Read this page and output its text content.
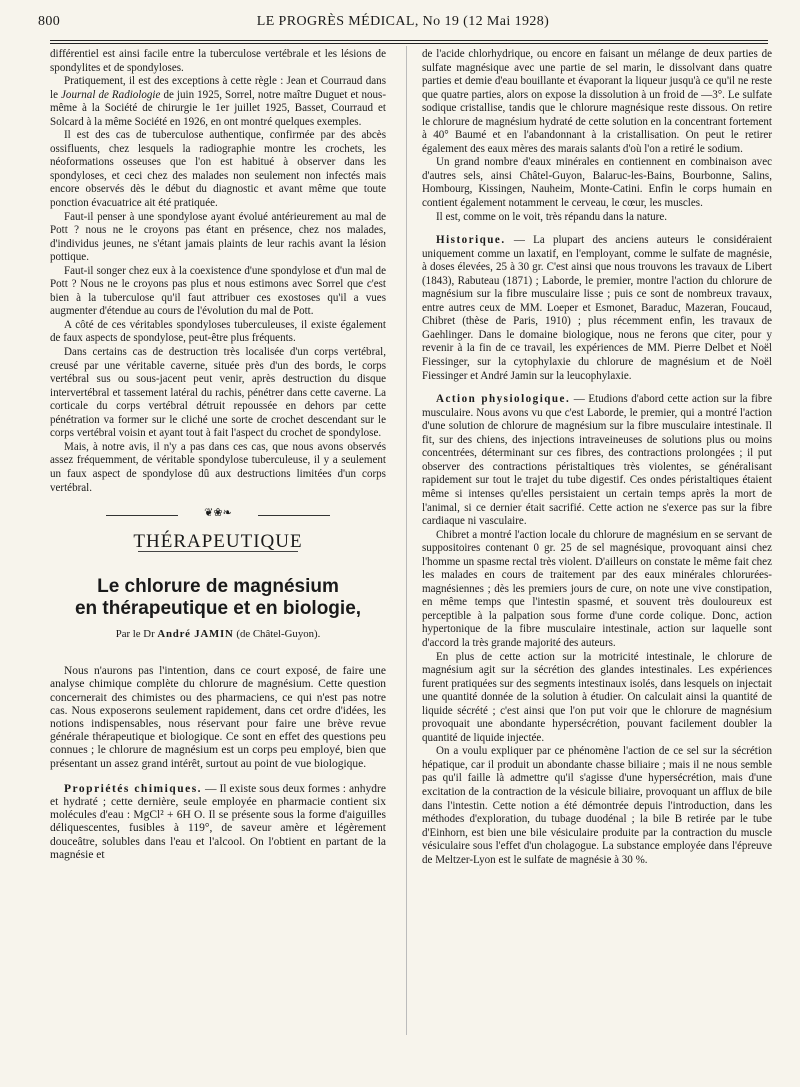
800	LE PROGRÈS MÉDICAL, No 19 (12 Mai 1928)

différentiel est ainsi facile entre la tuberculose vertébrale et les lésions de spondylites et de spondyloses.

Pratiquement, il est des exceptions à cette règle : Jean et Courraud dans le Journal de Radiologie de juin 1925, Sorrel, notre maître Duguet et nous-même à la Société de chirurgie le 1er juillet 1925, Basset, Courraud et Solcard à la même Société en 1926, en ont montré quelques exemples.

Il est des cas de tuberculose authentique, confirmée par des abcès ossifluents, chez lesquels la radiographie montre les crochets, les néoformations osseuses que l'on est habitué à observer dans les spondyloses, et ceci chez des malades non seulement non infectés mais encore observés dès le début du diagnostic et avant même que toute ponction évacuatrice ait été pratiquée.

Faut-il penser à une spondylose ayant évolué antérieurement au mal de Pott ? nous ne le croyons pas étant en présence, chez nos malades, d'individus jeunes, ne s'étant jamais plaints de leur rachis avant la lésion pottique.

Faut-il songer chez eux à la coexistence d'une spondylose et d'un mal de Pott ? Nous ne le croyons pas plus et nous estimons avec Sorrel que c'est bien à la tuberculose qu'il faut attribuer ces exostoses qu'il a vues augmenter d'étendue au cours de l'évolution du mal de Pott.

A côté de ces véritables spondyloses tuberculeuses, il existe également de faux aspects de spondylose, peut-être plus fréquents.

Dans certains cas de destruction très localisée d'un corps vertébral, creusé par une véritable caverne, située près d'un des bords, le corps vertébral sus ou sous-jacent peut venir, après destruction du disque intervertébral et tassement latéral du rachis, pénétrer dans cette caverne. La corticale du corps vertébral détruit repoussée en dehors par cette pénétration va former sur le cliché une sorte de crochet descendant sur le corps vertébral voisin et ayant tout à fait l'aspect du crochet de spondylose.

Mais, à notre avis, il n'y a pas dans ces cas, que nous avons observés assez fréquemment, de véritable spondylose tuberculeuse, il y a seulement un faux aspect de spondylose dû aux destructions limitées d'un corps vertébral.

❦❀❧
THÉRAPEUTIQUE
Le chlorure de magnésium
en thérapeutique et en biologie,
Par le Dr André JAMIN (de Châtel-Guyon).

Nous n'aurons pas l'intention, dans ce court exposé, de faire une analyse chimique complète du chlorure de magnésium. Cette question concernerait des chimistes ou des pharmaciens, ce qui n'est pas notre cas. Nous exposerons seulement rapidement, dans cet ordre d'idées, les notions indispensables, nous réservant pour faire une brève revue générale thérapeutique et biologique. Ce sont en effet des questions peu connues ; le chlorure de magnésium est un corps peu employé, bien que présentant un assez grand intérêt, surtout au point de vue biologique.

Propriétés chimiques. — Il existe sous deux formes : anhydre et hydraté ; cette dernière, seule employée en pharmacie contient six molécules d'eau : MgCl² + 6H O. Il se présente sous la forme d'aiguilles déliquescentes, fusibles à 119°, de saveur amère et légèrement douceâtre, solubles dans l'eau et l'alcool. On l'obtient en partant de la magnésie et

de l'acide chlorhydrique, ou encore en faisant un mélange de deux parties de sulfate magnésique avec une partie de sel marin, le dissolvant dans quatre parties et demie d'eau bouillante et évaporant la liqueur jusqu'à ce qu'il ne reste que quatre parties, alors on expose la dissolution à un froid de —3°. Le sulfate sodique cristallise, tandis que le chlorure magnésique reste dissous. On retire le chlorure de magnésium hydraté de cette solution en la concentrant fortement à 40° Baumé et en l'abandonnant à la cristallisation. On peut le retirer également des eaux mères des marais salants d'où l'on a retiré le sodium.

Un grand nombre d'eaux minérales en contiennent en combinaison avec d'autres sels, ainsi Châtel-Guyon, Balaruc-les-Bains, Bourbonne, Salins, Hombourg, Kissingen, Nauheim, Monte-Catini. Enfin le corps humain en contient également notamment le cerveau, le cœur, les muscles.

Il est, comme on le voit, très répandu dans la nature.

Historique. — La plupart des anciens auteurs le considéraient uniquement comme un laxatif, en l'employant, comme le sulfate de magnésie, à doses élevées, 25 à 30 gr. C'est ainsi que nous trouvons les travaux de Libert (1843), Rabuteau (1871) ; Laborde, le premier, montre l'action du chlorure de magnésium sur la fibre musculaire lisse ; puis ce sont de nombreux travaux, entre autres ceux de MM. Loeper et Esmonet, Baraduc, Mazeran, Foucaud, Chibret (thèse de Paris, 1910) ; plus récemment enfin, les travaux de Gaehlinger. Dans le domaine biologique, nous ne ferons que citer, pour y revenir à la fin de ce travail, les expériences de MM. Pierre Delbet et Noël Fiessinger, sur la cytophylaxie du chlorure de magnésium et de Noël Fiessinger et André Jamin sur la leucophylaxie.

Action physiologique. — Etudions d'abord cette action sur la fibre musculaire. Nous avons vu que c'est Laborde, le premier, qui a montré l'action d'une solution de chlorure de magnésium sur la fibre musculaire intestinale. Il fit, sur des chiens, des injections intraveineuses de solutions plus ou moins concentrées, déterminant sur ces fibres, des contractions prolongées ; il put observer des contractions péristaltiques très violentes, se généralisant rapidement sur tout le trajet du tube digestif. Ces ondes péristaltiques étaient même si intenses qu'elles persistaient un certain temps après la mort de l'animal, si ce dernier était sacrifié. Cette action ne s'exerce pas sur la fibre cardiaque ni vasculaire.

Chibret a montré l'action locale du chlorure de magnésium en se servant de suppositoires contenant 0 gr. 25 de sel magnésique, provoquant ainsi chez l'homme un spasme rectal très violent. D'ailleurs on constate le même fait chez les malades en cours de traitement par des eaux minérales chlorurées-magnésiennes ; dès les premiers jours de cure, on note une vive constipation, en même temps que l'intestin spasmé, et souvent très douloureux est perceptible à la palpation sous forme d'une corde colique. Donc, action hypertonique de la fibre musculaire intestinale, action sur laquelle sont d'accord la très grande majorité des auteurs.

En plus de cette action sur la motricité intestinale, le chlorure de magnésium agit sur la sécrétion des glandes intestinales. Les expériences furent pratiquées sur des segments intestinaux isolés, dans lesquels on injectait une quantité donnée de la solution à étudier. On calculait ainsi la quantité de liquide sécrété ; c'est ainsi que l'on put voir que le chlorure de magnésium provoquait une abondante hypersécrétion, pouvant facilement doubler la quantité de liquide injectée.

On a voulu expliquer par ce phénomène l'action de ce sel sur la sécrétion hépatique, car il produit un abondante chasse biliaire ; mais il ne nous semble pas qu'il faille là admettre qu'il s'agisse d'une hypersécrétion, mais d'une excitation de la contraction de la vésicule biliaire, provoquant un afflux de bile dans l'intestin. Cette notion a été démontrée depuis l'introduction, dans les méthodes d'exploration, du tubage duodénal ; la bile B retirée par le tube d'Einhorn, est bien une bile vésiculaire produite par la contraction du muscle vésiculaire sous l'effet d'un cholagogue. La substance employée dans l'épreuve de Meltzer-Lyon est le sulfate de magnésie à 30 %.
